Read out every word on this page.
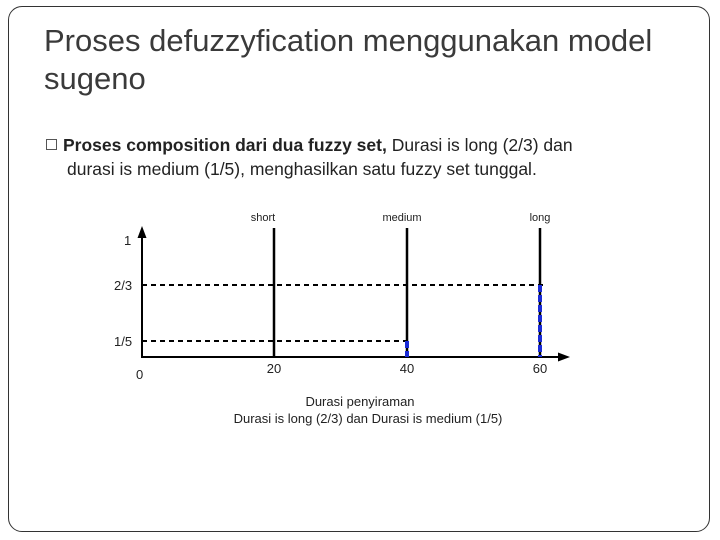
Proses defuzzyfication menggunakan model sugeno
Proses composition dari dua fuzzy set, Durasi is long (2/3) dan
durasi is medium (1/5), menghasilkan satu fuzzy set tunggal.
1
2/3
1/5
0
short	medium	long
20	40	60
Durasi penyiraman
Durasi is long (2/3) dan Durasi is medium (1/5)
